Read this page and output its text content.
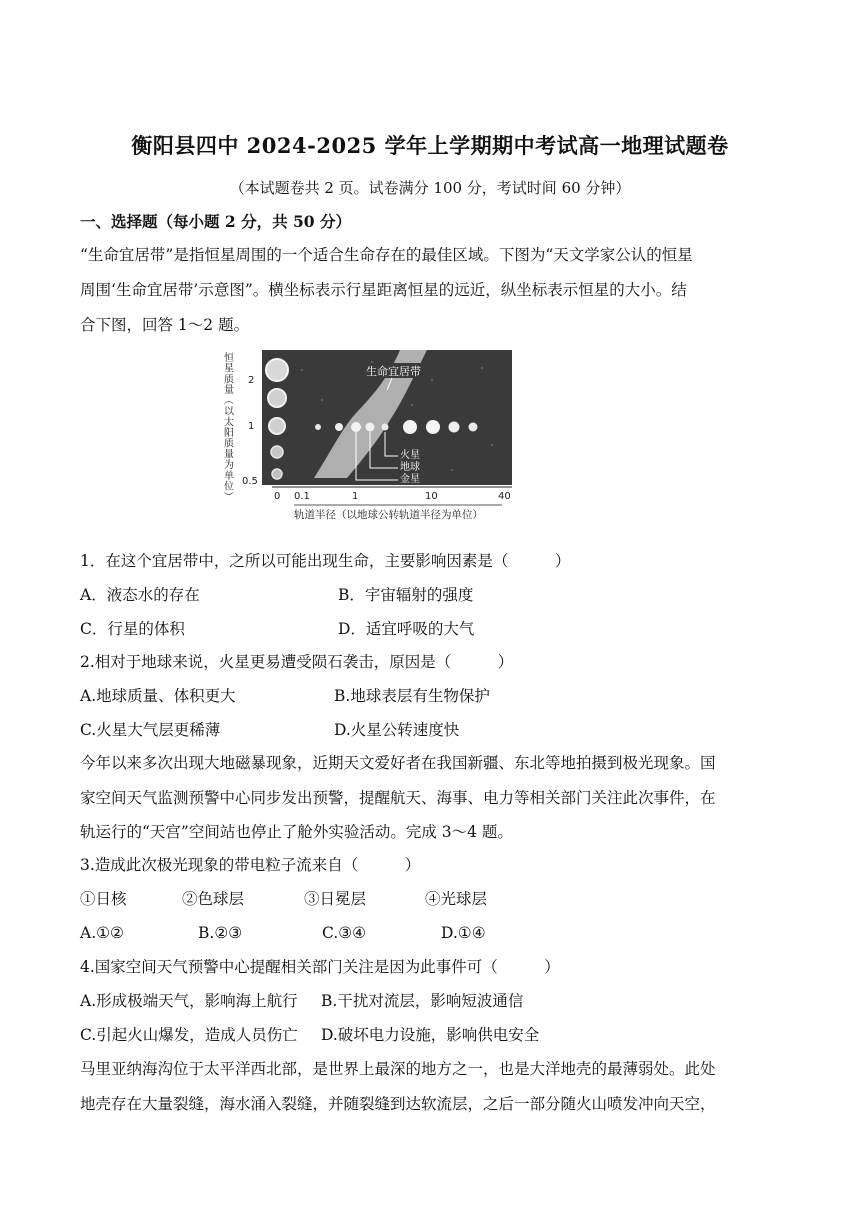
衡阳县四中 2024-2025 学年上学期期中考试高一地理试题卷
（本试题卷共 2 页。试卷满分 100 分，考试时间 60 分钟）
一、选择题（每小题 2 分，共 50 分）
“生命宜居带”是指恒星周围的一个适合生命存在的最佳区域。下图为“天文学家公认的恒星
周围‘生命宜居带’示意图”。横坐标表示行星距离恒星的远近，纵坐标表示恒星的大小。结
合下图，回答 1～2 题。
2
1
0.5
生命宜居带
火星
地球
金星
0 0.1	1	10	40
轨道半径（以地球公转轨道半径为单位）
恒
星
质
量
（
以
太
阳
质
量
为
单
位
）
1．在这个宜居带中，之所以可能出现生命，主要影响因素是（　　　）
A．液态水的存在	B．宇宙辐射的强度
C．行星的体积	D．适宜呼吸的大气
2.相对于地球来说，火星更易遭受陨石袭击，原因是（　　　）
A.地球质量、体积更大	B.地球表层有生物保护
C.火星大气层更稀薄	D.火星公转速度快
今年以来多次出现大地磁暴现象，近期天文爱好者在我国新疆、东北等地拍摄到极光现象。国
家空间天气监测预警中心同步发出预警，提醒航天、海事、电力等相关部门关注此次事件，在
轨运行的“天宫”空间站也停止了舱外实验活动。完成 3～4 题。
3.造成此次极光现象的带电粒子流来自（　　　）
①日核	②色球层	③日冕层	④光球层
A.①②	B.②③	C.③④	D.①④
4.国家空间天气预警中心提醒相关部门关注是因为此事件可（　　　）
A.形成极端天气，影响海上航行 B.干扰对流层，影响短波通信
C.引起火山爆发，造成人员伤亡 D.破坏电力设施，影响供电安全
马里亚纳海沟位于太平洋西北部，是世界上最深的地方之一，也是大洋地壳的最薄弱处。此处
地壳存在大量裂缝，海水涌入裂缝，并随裂缝到达软流层，之后一部分随火山喷发冲向天空，
